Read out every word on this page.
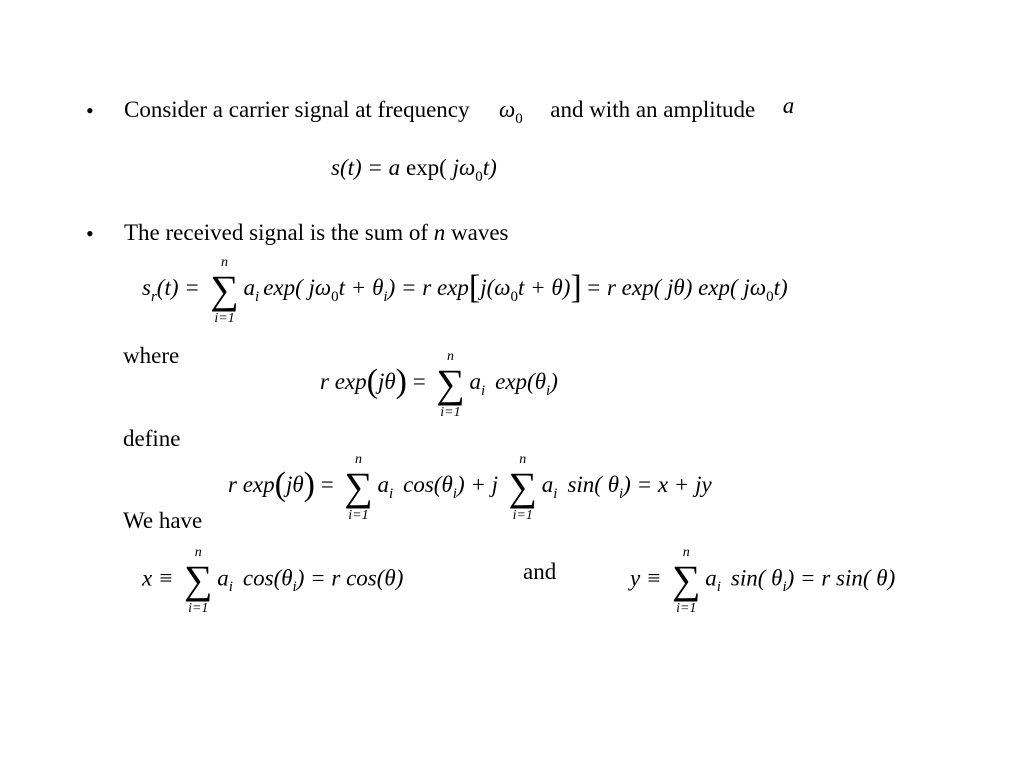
• Consider a carrier signal at frequency $\omega_0$ and with an amplitude a
s(t) = a exp( $j\omega_0t$)
• The received signal is the sum of n waves
$s_r(t)$ =
n
∑
i=1
$a_i$ exp( $j\omega_0t + \theta_i) = r$ $\exp[j(\omega_0t + \theta)] = r$ exp( jθ) exp( $j\omega_0t$)
where
r exp(jθ) =
n
∑
i=1
$a_i$ $\exp(\theta_i)$
define
r exp(jθ) =
n
∑
i=1
$a_i$ $\cos(\theta_i) + j$
n
∑
i=1
$a_i$ sin( $\theta_i) = x$ + jy
We have
x ≡
n
∑
i=1
$a_i$ $\cos(\theta_i) = r$ cos(θ)	and	y ≡
n
∑
i=1
$a_i$ sin( $\theta_i) = r$ sin( θ)
